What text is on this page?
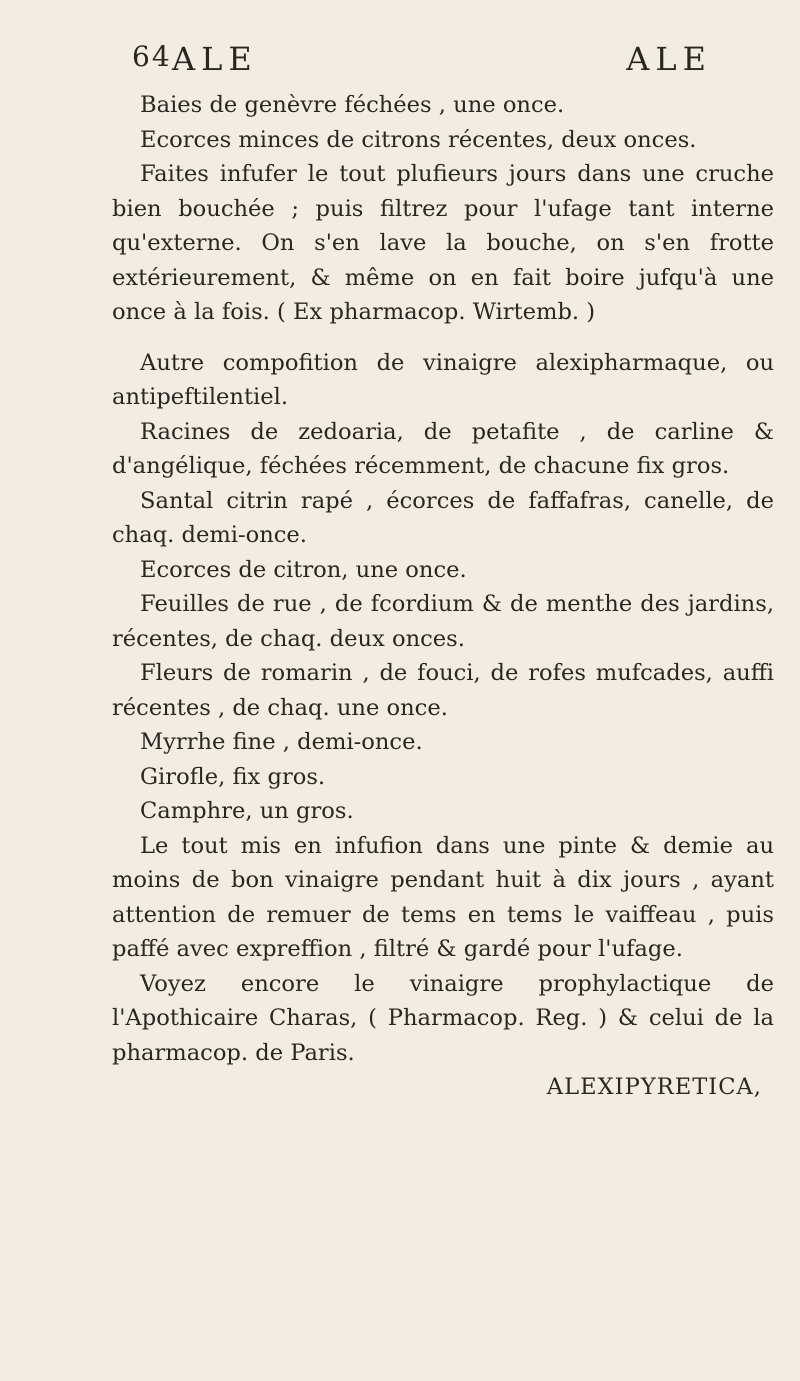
64 ALE	ALE

Baies de genèvre féchées , une once.

Ecorces minces de citrons récentes, deux onces.

Faites infufer le tout plufieurs jours dans une cruche bien bouchée ; puis filtrez pour l'ufage tant interne qu'externe. On s'en lave la bouche, on s'en frotte extérieurement, & même on en fait boire jufqu'à une once à la fois. ( Ex pharmacop. Wirtemb. )

Autre compofition de vinaigre alexipharmaque, ou antipeftilentiel.

Racines de zedoaria, de petafite , de carline & d'angélique, féchées récemment, de chacune fix gros.

Santal citrin rapé , écorces de faffafras, canelle, de chaq. demi-once.

Ecorces de citron, une once.

Feuilles de rue , de fcordium & de menthe des jardins, récentes, de chaq. deux onces.

Fleurs de romarin , de fouci, de rofes mufcades, auffi récentes , de chaq. une once.

Myrrhe fine , demi-once.

Girofle, fix gros.

Camphre, un gros.

Le tout mis en infufion dans une pinte & demie au moins de bon vinaigre pendant huit à dix jours , ayant attention de remuer de tems en tems le vaiffeau , puis paffé avec expreffion , filtré & gardé pour l'ufage.

Voyez encore le vinaigre prophylactique de l'Apothicaire Charas, ( Pharmacop. Reg. ) & celui de la pharmacop. de Paris.

ALEXIPYRETICA,
